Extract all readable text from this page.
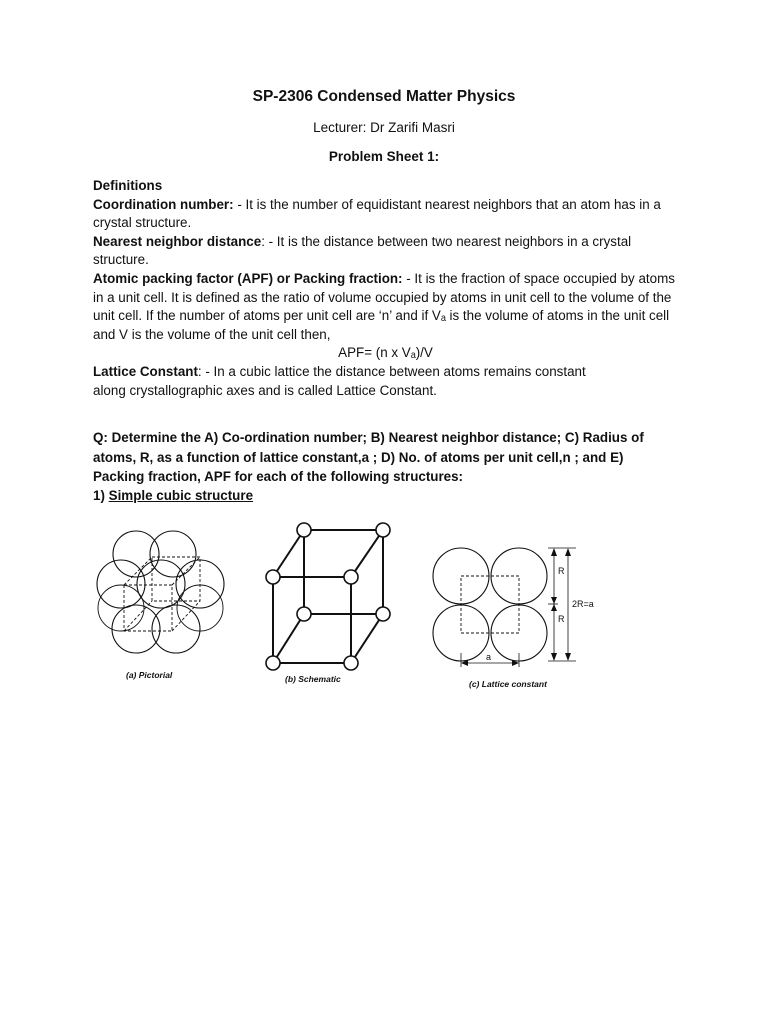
SP-2306 Condensed Matter Physics
Lecturer: Dr Zarifi Masri
Problem Sheet 1:

Definitions

Coordination number: - It is the number of equidistant nearest neighbors that an atom has in a crystal structure.

Nearest neighbor distance: - It is the distance between two nearest neighbors in a crystal structure.

Atomic packing factor (APF) or Packing fraction: - It is the fraction of space occupied by atoms in a unit cell. It is defined as the ratio of volume occupied by atoms in unit cell to the volume of the unit cell. If the number of atoms per unit cell are ‘n’ and if Vₐ is the volume of atoms in the unit cell and V is the volume of the unit cell then,

APF= (n x Vₐ)/V

Lattice Constant: - In a cubic lattice the distance between atoms remains constant

along crystallographic axes and is called Lattice Constant.

Q: Determine the A) Co-ordination number; B) Nearest neighbor distance; C) Radius of atoms, R, as a function of lattice constant,a ; D) No. of atoms per unit cell,n ; and E) Packing fraction, APF for each of the following structures:

1) Simple cubic structure

(a) Pictorial	(b) Schematic	(c) Lattice constant
R
R
2R=a
a
